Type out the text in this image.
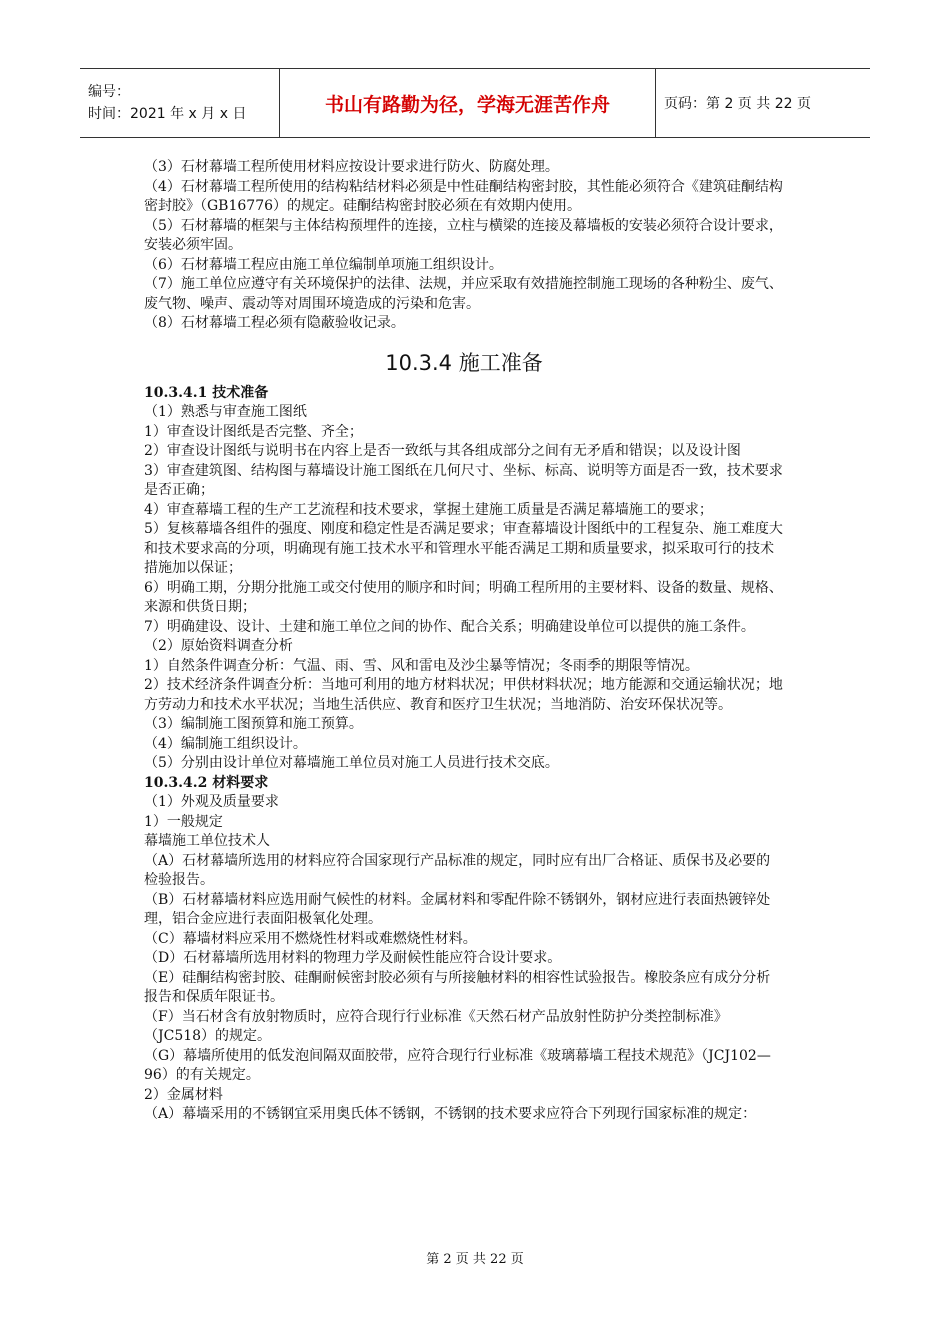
编号：
时间：2021 年 x 月 x 日	书山有路勤为径，学海无涯苦作舟	页码：第 2 页 共 22 页

（3）石材幕墙工程所使用材料应按设计要求进行防火、防腐处理。

（4）石材幕墙工程所使用的结构粘结材料必须是中性硅酮结构密封胶，其性能必须符合《建筑硅酮结构密封胶》（GB16776）的规定。硅酮结构密封胶必须在有效期内使用。

（5）石材幕墙的框架与主体结构预埋件的连接，立柱与横梁的连接及幕墙板的安装必须符合设计要求，安装必须牢固。

（6）石材幕墙工程应由施工单位编制单项施工组织设计。

（7）施工单位应遵守有关环境保护的法律、法规，并应采取有效措施控制施工现场的各种粉尘、废气、废气物、噪声、震动等对周围环境造成的污染和危害。

（8）石材幕墙工程必须有隐蔽验收记录。

10.3.4 施工准备

10.3.4.1 技术准备

（1）熟悉与审查施工图纸

1）审查设计图纸是否完整、齐全；

2）审查设计图纸与说明书在内容上是否一致纸与其各组成部分之间有无矛盾和错误；以及设计图

3）审查建筑图、结构图与幕墙设计施工图纸在几何尺寸、坐标、标高、说明等方面是否一致，技术要求是否正确；

4）审查幕墙工程的生产工艺流程和技术要求，掌握土建施工质量是否满足幕墙施工的要求；

5）复核幕墙各组件的强度、刚度和稳定性是否满足要求；审查幕墙设计图纸中的工程复杂、施工难度大和技术要求高的分项，明确现有施工技术水平和管理水平能否满足工期和质量要求，拟采取可行的技术措施加以保证；

6）明确工期，分期分批施工或交付使用的顺序和时间；明确工程所用的主要材料、设备的数量、规格、来源和供货日期；

7）明确建设、设计、土建和施工单位之间的协作、配合关系；明确建设单位可以提供的施工条件。

（2）原始资料调查分析

1）自然条件调查分析：气温、雨、雪、风和雷电及沙尘暴等情况；冬雨季的期限等情况。

2）技术经济条件调查分析：当地可利用的地方材料状况；甲供材料状况；地方能源和交通运输状况；地方劳动力和技术水平状况；当地生活供应、教育和医疗卫生状况；当地消防、治安环保状况等。

（3）编制施工图预算和施工预算。

（4）编制施工组织设计。

（5）分别由设计单位对幕墙施工单位员对施工人员进行技术交底。

10.3.4.2 材料要求

（1）外观及质量要求

1）一般规定

幕墙施工单位技术人

（A）石材幕墙所选用的材料应符合国家现行产品标准的规定，同时应有出厂合格证、质保书及必要的检验报告。

（B）石材幕墙材料应选用耐气候性的材料。金属材料和零配件除不锈钢外，钢材应进行表面热镀锌处理，铝合金应进行表面阳极氧化处理。

（C）幕墙材料应采用不燃烧性材料或难燃烧性材料。

（D）石材幕墙所选用材料的物理力学及耐候性能应符合设计要求。

（E）硅酮结构密封胶、硅酮耐候密封胶必须有与所接触材料的相容性试验报告。橡胶条应有成分分析报告和保质年限证书。

（F）当石材含有放射物质时，应符合现行行业标准《天然石材产品放射性防护分类控制标准》（JC518）的规定。

（G）幕墙所使用的低发泡间隔双面胶带，应符合现行行业标准《玻璃幕墙工程技术规范》（JCJ102—96）的有关规定。

2）金属材料

（A）幕墙采用的不锈钢宜采用奥氏体不锈钢，不锈钢的技术要求应符合下列现行国家标准的规定：

第 2 页 共 22 页
